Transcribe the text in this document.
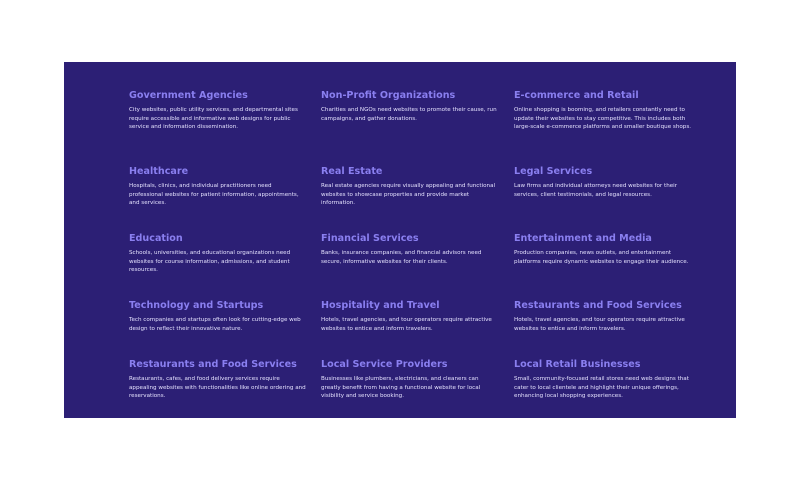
Government Agencies

City websites, public utility services, and departmental sites require accessible and informative web designs for public service and information dissemination.

Non-Profit Organizations

Charities and NGOs need websites to promote their cause, run campaigns, and gather donations.

E-commerce and Retail

Online shopping is booming, and retailers constantly need to update their websites to stay competitive. This includes both large-scale e-commerce platforms and smaller boutique shops.

Healthcare

Hospitals, clinics, and individual practitioners need professional websites for patient information, appointments, and services.

Real Estate

Real estate agencies require visually appealing and functional websites to showcase properties and provide market information.

Legal Services

Law firms and individual attorneys need websites for their services, client testimonials, and legal resources.

Education

Schools, universities, and educational organizations need websites for course information, admissions, and student resources.

Financial Services

Banks, insurance companies, and financial advisors need secure, informative websites for their clients.

Entertainment and Media

Production companies, news outlets, and entertainment platforms require dynamic websites to engage their audience.

Technology and Startups

Tech companies and startups often look for cutting-edge web design to reflect their innovative nature.

Hospitality and Travel

Hotels, travel agencies, and tour operators require attractive websites to entice and inform travelers.

Restaurants and Food Services

Hotels, travel agencies, and tour operators require attractive websites to entice and inform travelers.

Restaurants and Food Services

Restaurants, cafes, and food delivery services require appealing websites with functionalities like online ordering and reservations.

Local Service Providers

Businesses like plumbers, electricians, and cleaners can greatly benefit from having a functional website for local visibility and service booking.

Local Retail Businesses

Small, community-focused retail stores need web designs that cater to local clientele and highlight their unique offerings, enhancing local shopping experiences.
